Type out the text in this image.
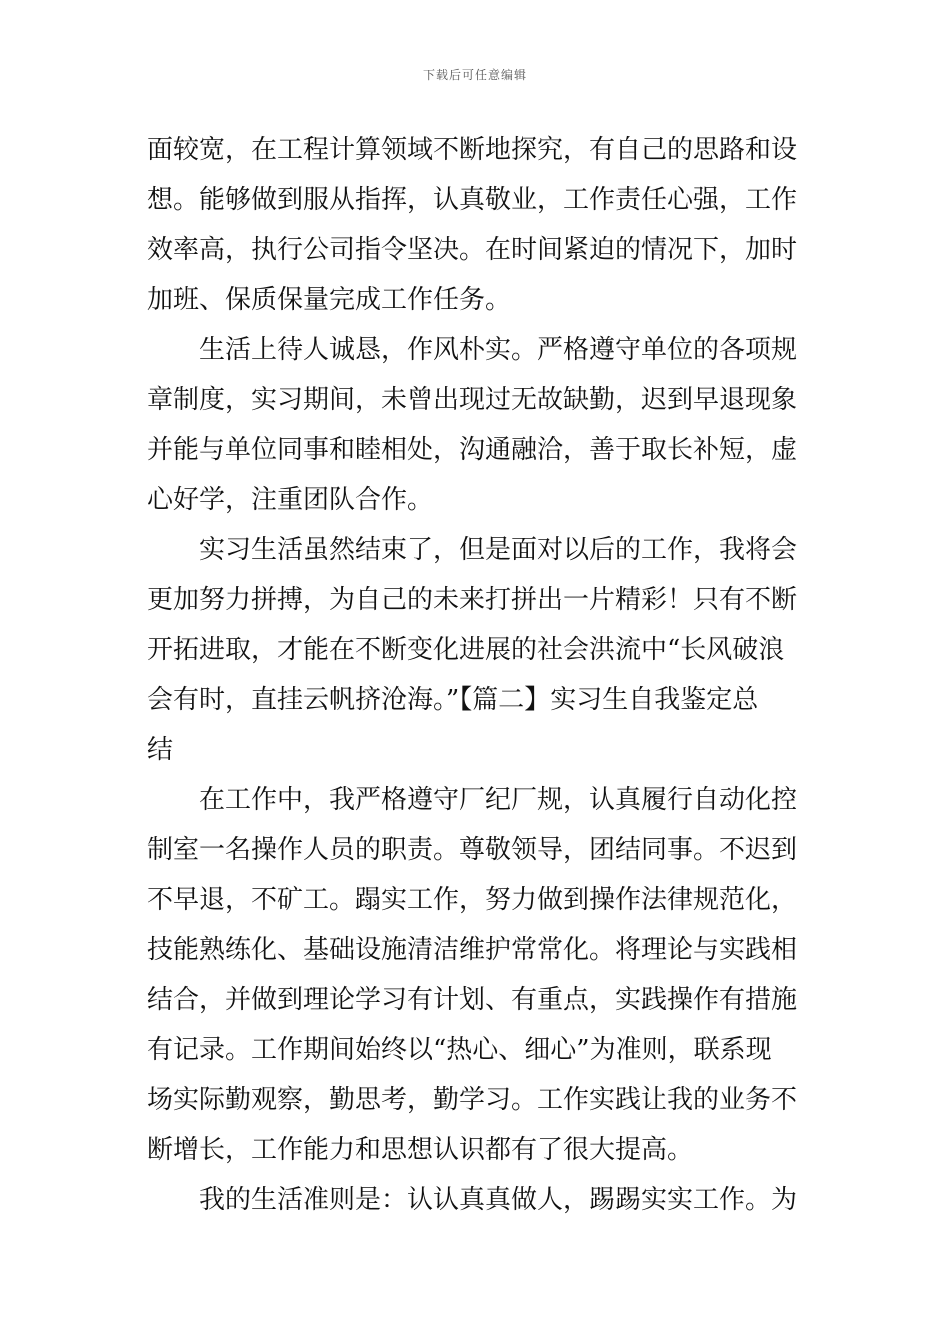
下载后可任意编辑
面较宽，在工程计算领域不断地探究，有自己的思路和设
想。能够做到服从指挥，认真敬业，工作责任心强，工作
效率高，执行公司指令坚决。在时间紧迫的情况下，加时
加班、保质保量完成工作任务。
生活上待人诚恳，作风朴实。严格遵守单位的各项规
章制度，实习期间，未曾出现过无故缺勤，迟到早退现象
并能与单位同事和睦相处，沟通融洽，善于取长补短，虚
心好学，注重团队合作。
实习生活虽然结束了，但是面对以后的工作，我将会
更加努力拼搏，为自己的未来打拼出一片精彩！只有不断
开拓进取，才能在不断变化进展的社会洪流中“长风破浪
会有时，直挂云帆挤沧海。”【篇二】实习生自我鉴定总
结
在工作中，我严格遵守厂纪厂规，认真履行自动化控
制室一名操作人员的职责。尊敬领导，团结同事。不迟到
不早退，不矿工。蹋实工作，努力做到操作法律规范化，
技能熟练化、基础设施清洁维护常常化。将理论与实践相
结合，并做到理论学习有计划、有重点，实践操作有措施
有记录。工作期间始终以“热心、细心”为准则，联系现
场实际勤观察，勤思考，勤学习。工作实践让我的业务不
断增长，工作能力和思想认识都有了很大提高。
我的生活准则是：认认真真做人，踢踢实实工作。为
